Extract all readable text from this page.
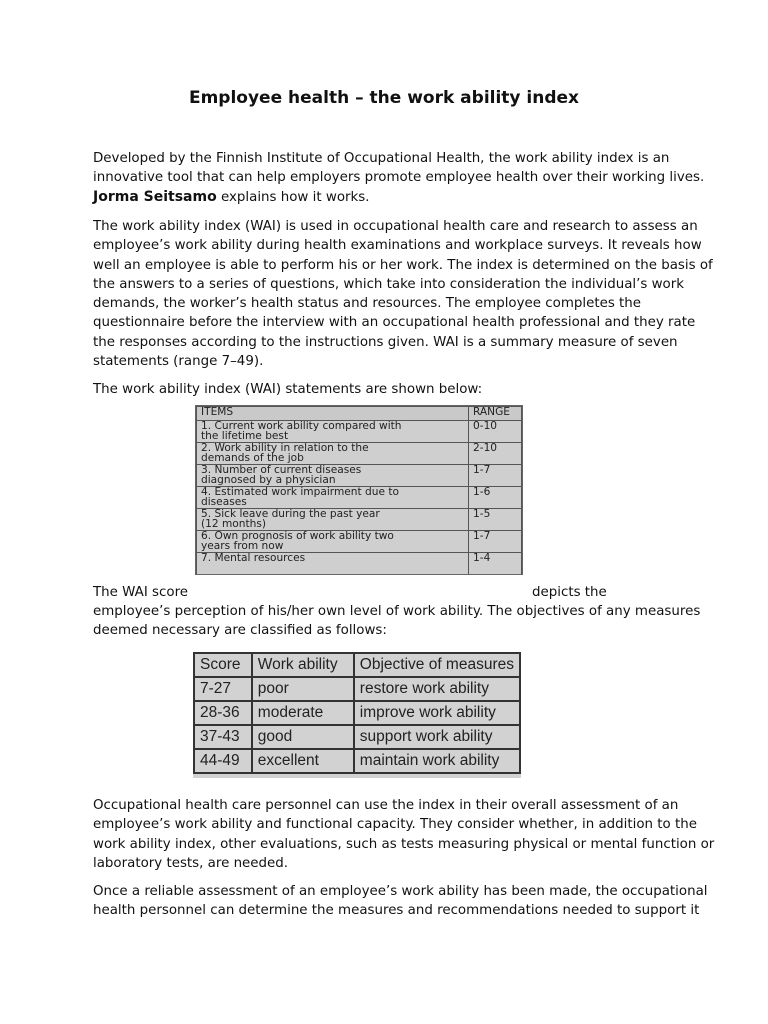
Employee health – the work ability index
Developed by the Finnish Institute of Occupational Health, the work ability index is an
innovative tool that can help employers promote employee health over their working lives.
Jorma Seitsamo explains how it works.
The work ability index (WAI) is used in occupational health care and research to assess an
employee’s work ability during health examinations and workplace surveys. It reveals how
well an employee is able to perform his or her work. The index is determined on the basis of
the answers to a series of questions, which take into consideration the individual’s work
demands, the worker’s health status and resources. The employee completes the
questionnaire before the interview with an occupational health professional and they rate
the responses according to the instructions given. WAI is a summary measure of seven
statements (range 7–49).
The work ability index (WAI) statements are shown below:
ITEMS	RANGE

1. Current work ability compared with
the lifetime best	0-10

2. Work ability in relation to the
demands of the job	2-10

3. Number of current diseases
diagnosed by a physician	1-7

4. Estimated work impairment due to
diseases	1-6

5. Sick leave during the past year
(12 months)	1-5

6. Own prognosis of work ability two
years from now	1-7

7. Mental resources	1-4
The WAI score	depicts the
employee’s perception of his/her own level of work ability. The objectives of any measures
deemed necessary are classified as follows:
Score	Work ability	Objective of measures
7-27	poor	restore work ability
28-36	moderate	improve work ability
37-43	good	support work ability
44-49	excellent	maintain work ability
Occupational health care personnel can use the index in their overall assessment of an
employee’s work ability and functional capacity. They consider whether, in addition to the
work ability index, other evaluations, such as tests measuring physical or mental function or
laboratory tests, are needed.
Once a reliable assessment of an employee’s work ability has been made, the occupational
health personnel can determine the measures and recommendations needed to support it
